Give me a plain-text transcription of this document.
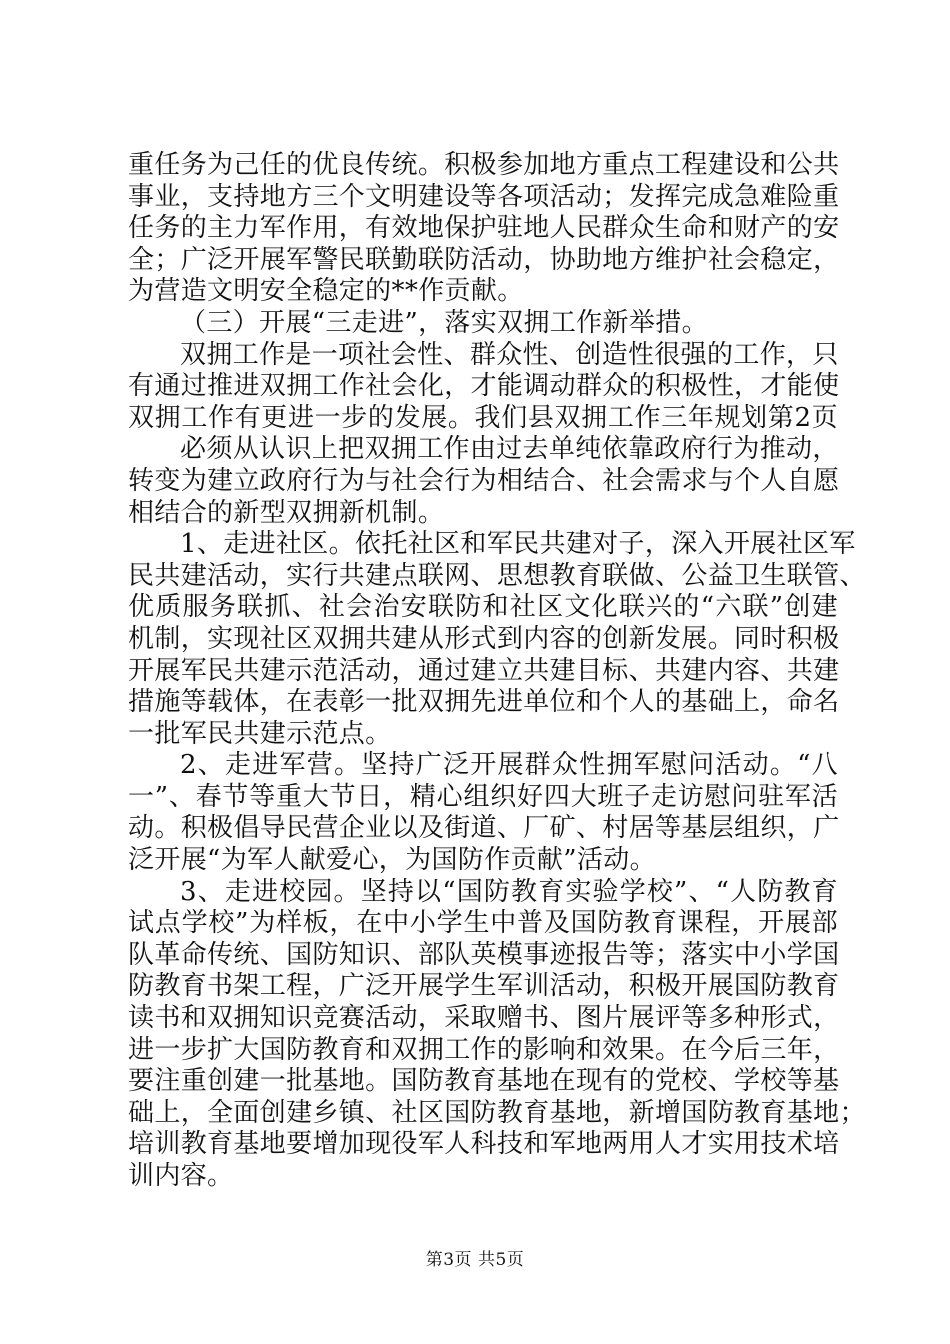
重任务为己任的优良传统。积极参加地方重点工程建设和公共
事业，支持地方三个文明建设等各项活动；发挥完成急难险重
任务的主力军作用，有效地保护驻地人民群众生命和财产的安
全；广泛开展军警民联勤联防活动，协助地方维护社会稳定，
为营造文明安全稳定的**作贡献。
（三）开展“三走进”，落实双拥工作新举措。
双拥工作是一项社会性、群众性、创造性很强的工作，只
有通过推进双拥工作社会化，才能调动群众的积极性，才能使
双拥工作有更进一步的发展。我们县双拥工作三年规划第2页
必须从认识上把双拥工作由过去单纯依靠政府行为推动，
转变为建立政府行为与社会行为相结合、社会需求与个人自愿
相结合的新型双拥新机制。
1、走进社区。依托社区和军民共建对子，深入开展社区军
民共建活动，实行共建点联网、思想教育联做、公益卫生联管、
优质服务联抓、社会治安联防和社区文化联兴的“六联”创建
机制，实现社区双拥共建从形式到内容的创新发展。同时积极
开展军民共建示范活动，通过建立共建目标、共建内容、共建
措施等载体，在表彰一批双拥先进单位和个人的基础上，命名
一批军民共建示范点。
2、走进军营。坚持广泛开展群众性拥军慰问活动。“八
一”、春节等重大节日，精心组织好四大班子走访慰问驻军活
动。积极倡导民营企业以及街道、厂矿、村居等基层组织，广
泛开展“为军人献爱心，为国防作贡献”活动。
3、走进校园。坚持以“国防教育实验学校”、“人防教育
试点学校”为样板，在中小学生中普及国防教育课程，开展部
队革命传统、国防知识、部队英模事迹报告等；落实中小学国
防教育书架工程，广泛开展学生军训活动，积极开展国防教育
读书和双拥知识竞赛活动，采取赠书、图片展评等多种形式，
进一步扩大国防教育和双拥工作的影响和效果。在今后三年，
要注重创建一批基地。国防教育基地在现有的党校、学校等基
础上，全面创建乡镇、社区国防教育基地，新增国防教育基地；
培训教育基地要增加现役军人科技和军地两用人才实用技术培
训内容。
第3页 共5页
